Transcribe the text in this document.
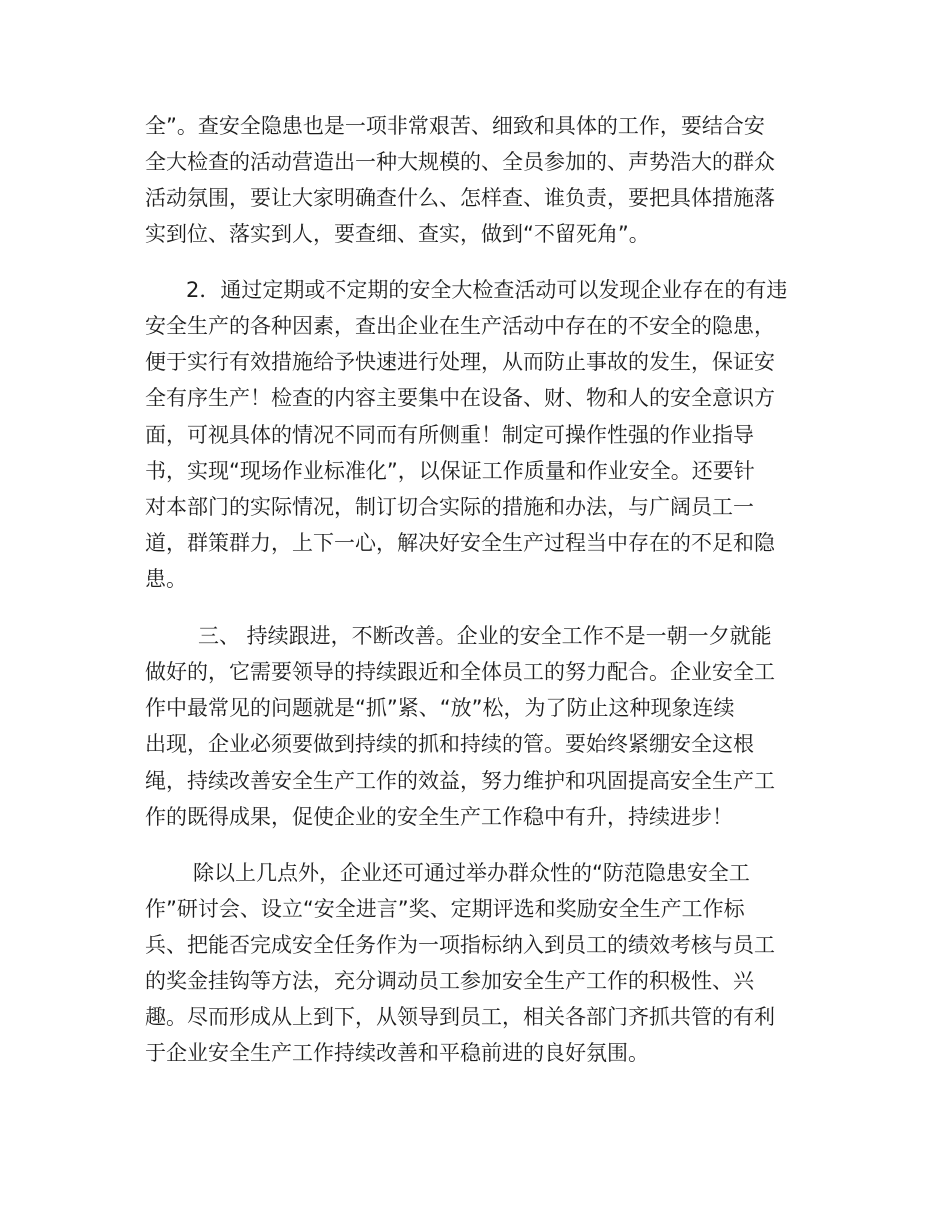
全”。查安全隐患也是一项非常艰苦、细致和具体的工作，要结合安
全大检查的活动营造出一种大规模的、全员参加的、声势浩大的群众
活动氛围，要让大家明确查什么、怎样查、谁负责，要把具体措施落
实到位、落实到人，要查细、查实，做到“不留死角”。
2．通过定期或不定期的安全大检查活动可以发现企业存在的有违
安全生产的各种因素，查出企业在生产活动中存在的不安全的隐患，
便于实行有效措施给予快速进行处理，从而防止事故的发生，保证安
全有序生产！检查的内容主要集中在设备、财、物和人的安全意识方
面，可视具体的情况不同而有所侧重！制定可操作性强的作业指导
书，实现“现场作业标准化”，以保证工作质量和作业安全。还要针
对本部门的实际情况，制订切合实际的措施和办法，与广阔员工一
道，群策群力，上下一心，解决好安全生产过程当中存在的不足和隐
患。
三、 持续跟进，不断改善。企业的安全工作不是一朝一夕就能
做好的，它需要领导的持续跟近和全体员工的努力配合。企业安全工
作中最常见的问题就是“抓”紧、“放”松，为了防止这种现象连续
出现，企业必须要做到持续的抓和持续的管。要始终紧绷安全这根
绳，持续改善安全生产工作的效益，努力维护和巩固提高安全生产工
作的既得成果，促使企业的安全生产工作稳中有升，持续进步！
除以上几点外，企业还可通过举办群众性的“防范隐患安全工
作”研讨会、设立“安全进言”奖、定期评选和奖励安全生产工作标
兵、把能否完成安全任务作为一项指标纳入到员工的绩效考核与员工
的奖金挂钩等方法，充分调动员工参加安全生产工作的积极性、兴
趣。尽而形成从上到下，从领导到员工，相关各部门齐抓共管的有利
于企业安全生产工作持续改善和平稳前进的良好氛围。
